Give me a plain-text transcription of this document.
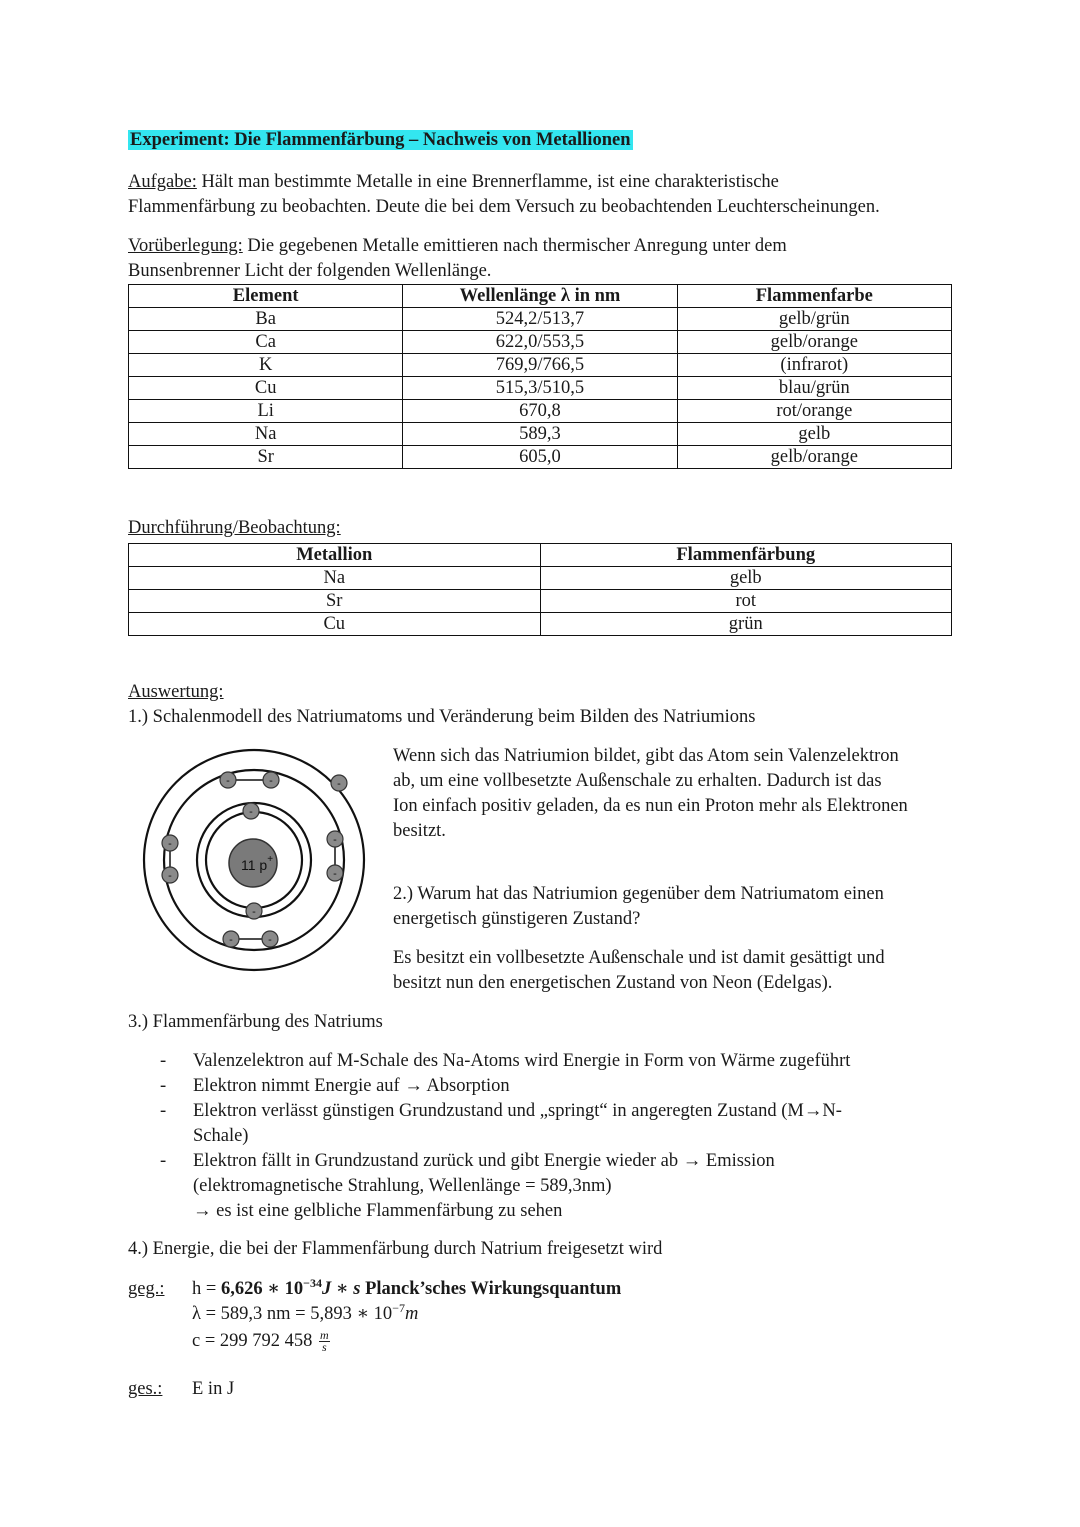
Experiment: Die Flammenfärbung – Nachweis von Metallionen
Aufgabe: Hält man bestimmte Metalle in eine Brennerflamme, ist eine charakteristische
Flammenfärbung zu beobachten. Deute die bei dem Versuch zu beobachtenden Leuchterscheinungen.
Vorüberlegung: Die gegebenen Metalle emittieren nach thermischer Anregung unter dem
Bunsenbrenner Licht der folgenden Wellenlänge.
Element	Wellenlänge λ in nm	Flammenfarbe
Ba	524,2/513,7	gelb/grün
Ca	622,0/553,5	gelb/orange
K	769,9/766,5	(infrarot)
Cu	515,3/510,5	blau/grün
Li	670,8	rot/orange
Na	589,3	gelb
Sr	605,0	gelb/orange
Durchführung/Beobachtung:
Metallion	Flammenfärbung
Na	gelb
Sr	rot
Cu	grün
Auswertung:
1.) Schalenmodell des Natriumatoms und Veränderung beim Bilden des Natriumions
11 p+
-	-	-
-
-
-
-
-
-
-	-
Wenn sich das Natriumion bildet, gibt das Atom sein Valenzelektron
ab, um eine vollbesetzte Außenschale zu erhalten. Dadurch ist das
Ion einfach positiv geladen, da es nun ein Proton mehr als Elektronen
besitzt.
2.) Warum hat das Natriumion gegenüber dem Natriumatom einen
energetisch günstigeren Zustand?
Es besitzt ein vollbesetzte Außenschale und ist damit gesättigt und
besitzt nun den energetischen Zustand von Neon (Edelgas).
3.) Flammenfärbung des Natriums
- Valenzelektron auf M-Schale des Na-Atoms wird Energie in Form von Wärme zugeführt
- Elektron nimmt Energie auf → Absorption
- Elektron verlässt günstigen Grundzustand und „springt“ in angeregten Zustand (M→N-
Schale)
- Elektron fällt in Grundzustand zurück und gibt Energie wieder ab → Emission
(elektromagnetische Strahlung, Wellenlänge = 589,3nm)
→ es ist eine gelbliche Flammenfärbung zu sehen
4.) Energie, die bei der Flammenfärbung durch Natrium freigesetzt wird
geg.: h = 6,626 ∗ $10^{-34}J$ ∗ s Planck’sches Wirkungsquantum
λ = 589,3 nm = 5,893 ∗ $10^{-7}m$
c = 299 792 $458 \frac{m}{s}$
ges.: E in J
